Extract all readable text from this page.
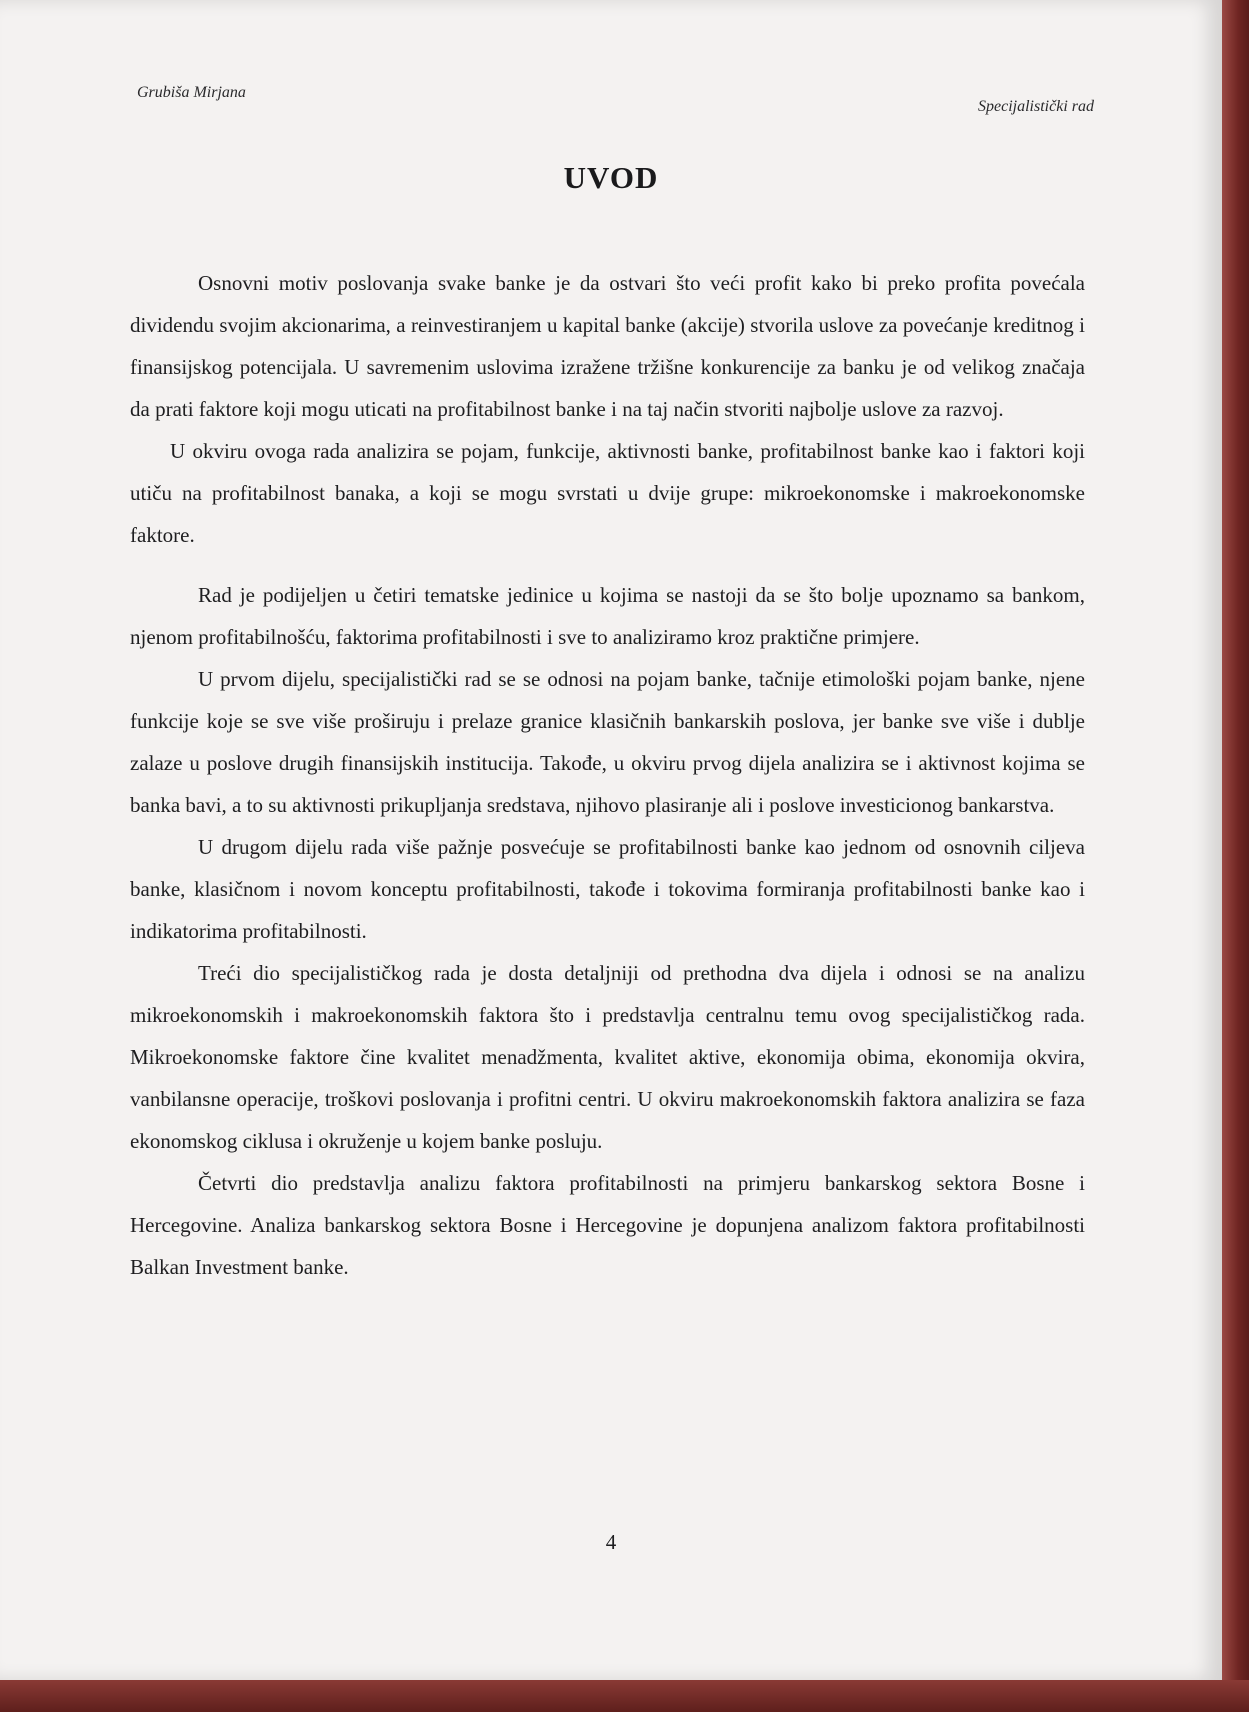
Grubiša Mirjana
Specijalistički rad
UVOD

Osnovni motiv poslovanja svake banke je da ostvari što veći profit kako bi preko profita povećala dividendu svojim akcionarima, a reinvestiranjem u kapital banke (akcije) stvorila uslove za povećanje kreditnog i finansijskog potencijala. U savremenim uslovima izražene tržišne konkurencije za banku je od velikog značaja da prati faktore koji mogu uticati na profitabilnost banke i na taj način stvoriti najbolje uslove za razvoj.

U okviru ovoga rada analizira se pojam, funkcije, aktivnosti banke, profitabilnost banke kao i faktori koji utiču na profitabilnost banaka, a koji se mogu svrstati u dvije grupe: mikroekonomske i makroekonomske faktore.

Rad je podijeljen u četiri tematske jedinice u kojima se nastoji da se što bolje upoznamo sa bankom, njenom profitabilnošću, faktorima profitabilnosti i sve to analiziramo kroz praktične primjere.

U prvom dijelu, specijalistički rad se se odnosi na pojam banke, tačnije etimološki pojam banke, njene funkcije koje se sve više proširuju i prelaze granice klasičnih bankarskih poslova, jer banke sve više i dublje zalaze u poslove drugih finansijskih institucija. Takođe, u okviru prvog dijela analizira se i aktivnost kojima se banka bavi, a to su aktivnosti prikupljanja sredstava, njihovo plasiranje ali i poslove investicionog bankarstva.

U drugom dijelu rada više pažnje posvećuje se profitabilnosti banke kao jednom od osnovnih ciljeva banke, klasičnom i novom konceptu profitabilnosti, takođe i tokovima formiranja profitabilnosti banke kao i indikatorima profitabilnosti.

Treći dio specijalističkog rada je dosta detaljniji od prethodna dva dijela i odnosi se na analizu mikroekonomskih i makroekonomskih faktora što i predstavlja centralnu temu ovog specijalističkog rada. Mikroekonomske faktore čine kvalitet menadžmenta, kvalitet aktive, ekonomija obima, ekonomija okvira, vanbilansne operacije, troškovi poslovanja i profitni centri. U okviru makroekonomskih faktora analizira se faza ekonomskog ciklusa i okruženje u kojem banke posluju.

Četvrti dio predstavlja analizu faktora profitabilnosti na primjeru bankarskog sektora Bosne i Hercegovine. Analiza bankarskog sektora Bosne i Hercegovine je dopunjena analizom faktora profitabilnosti Balkan Investment banke.

4
